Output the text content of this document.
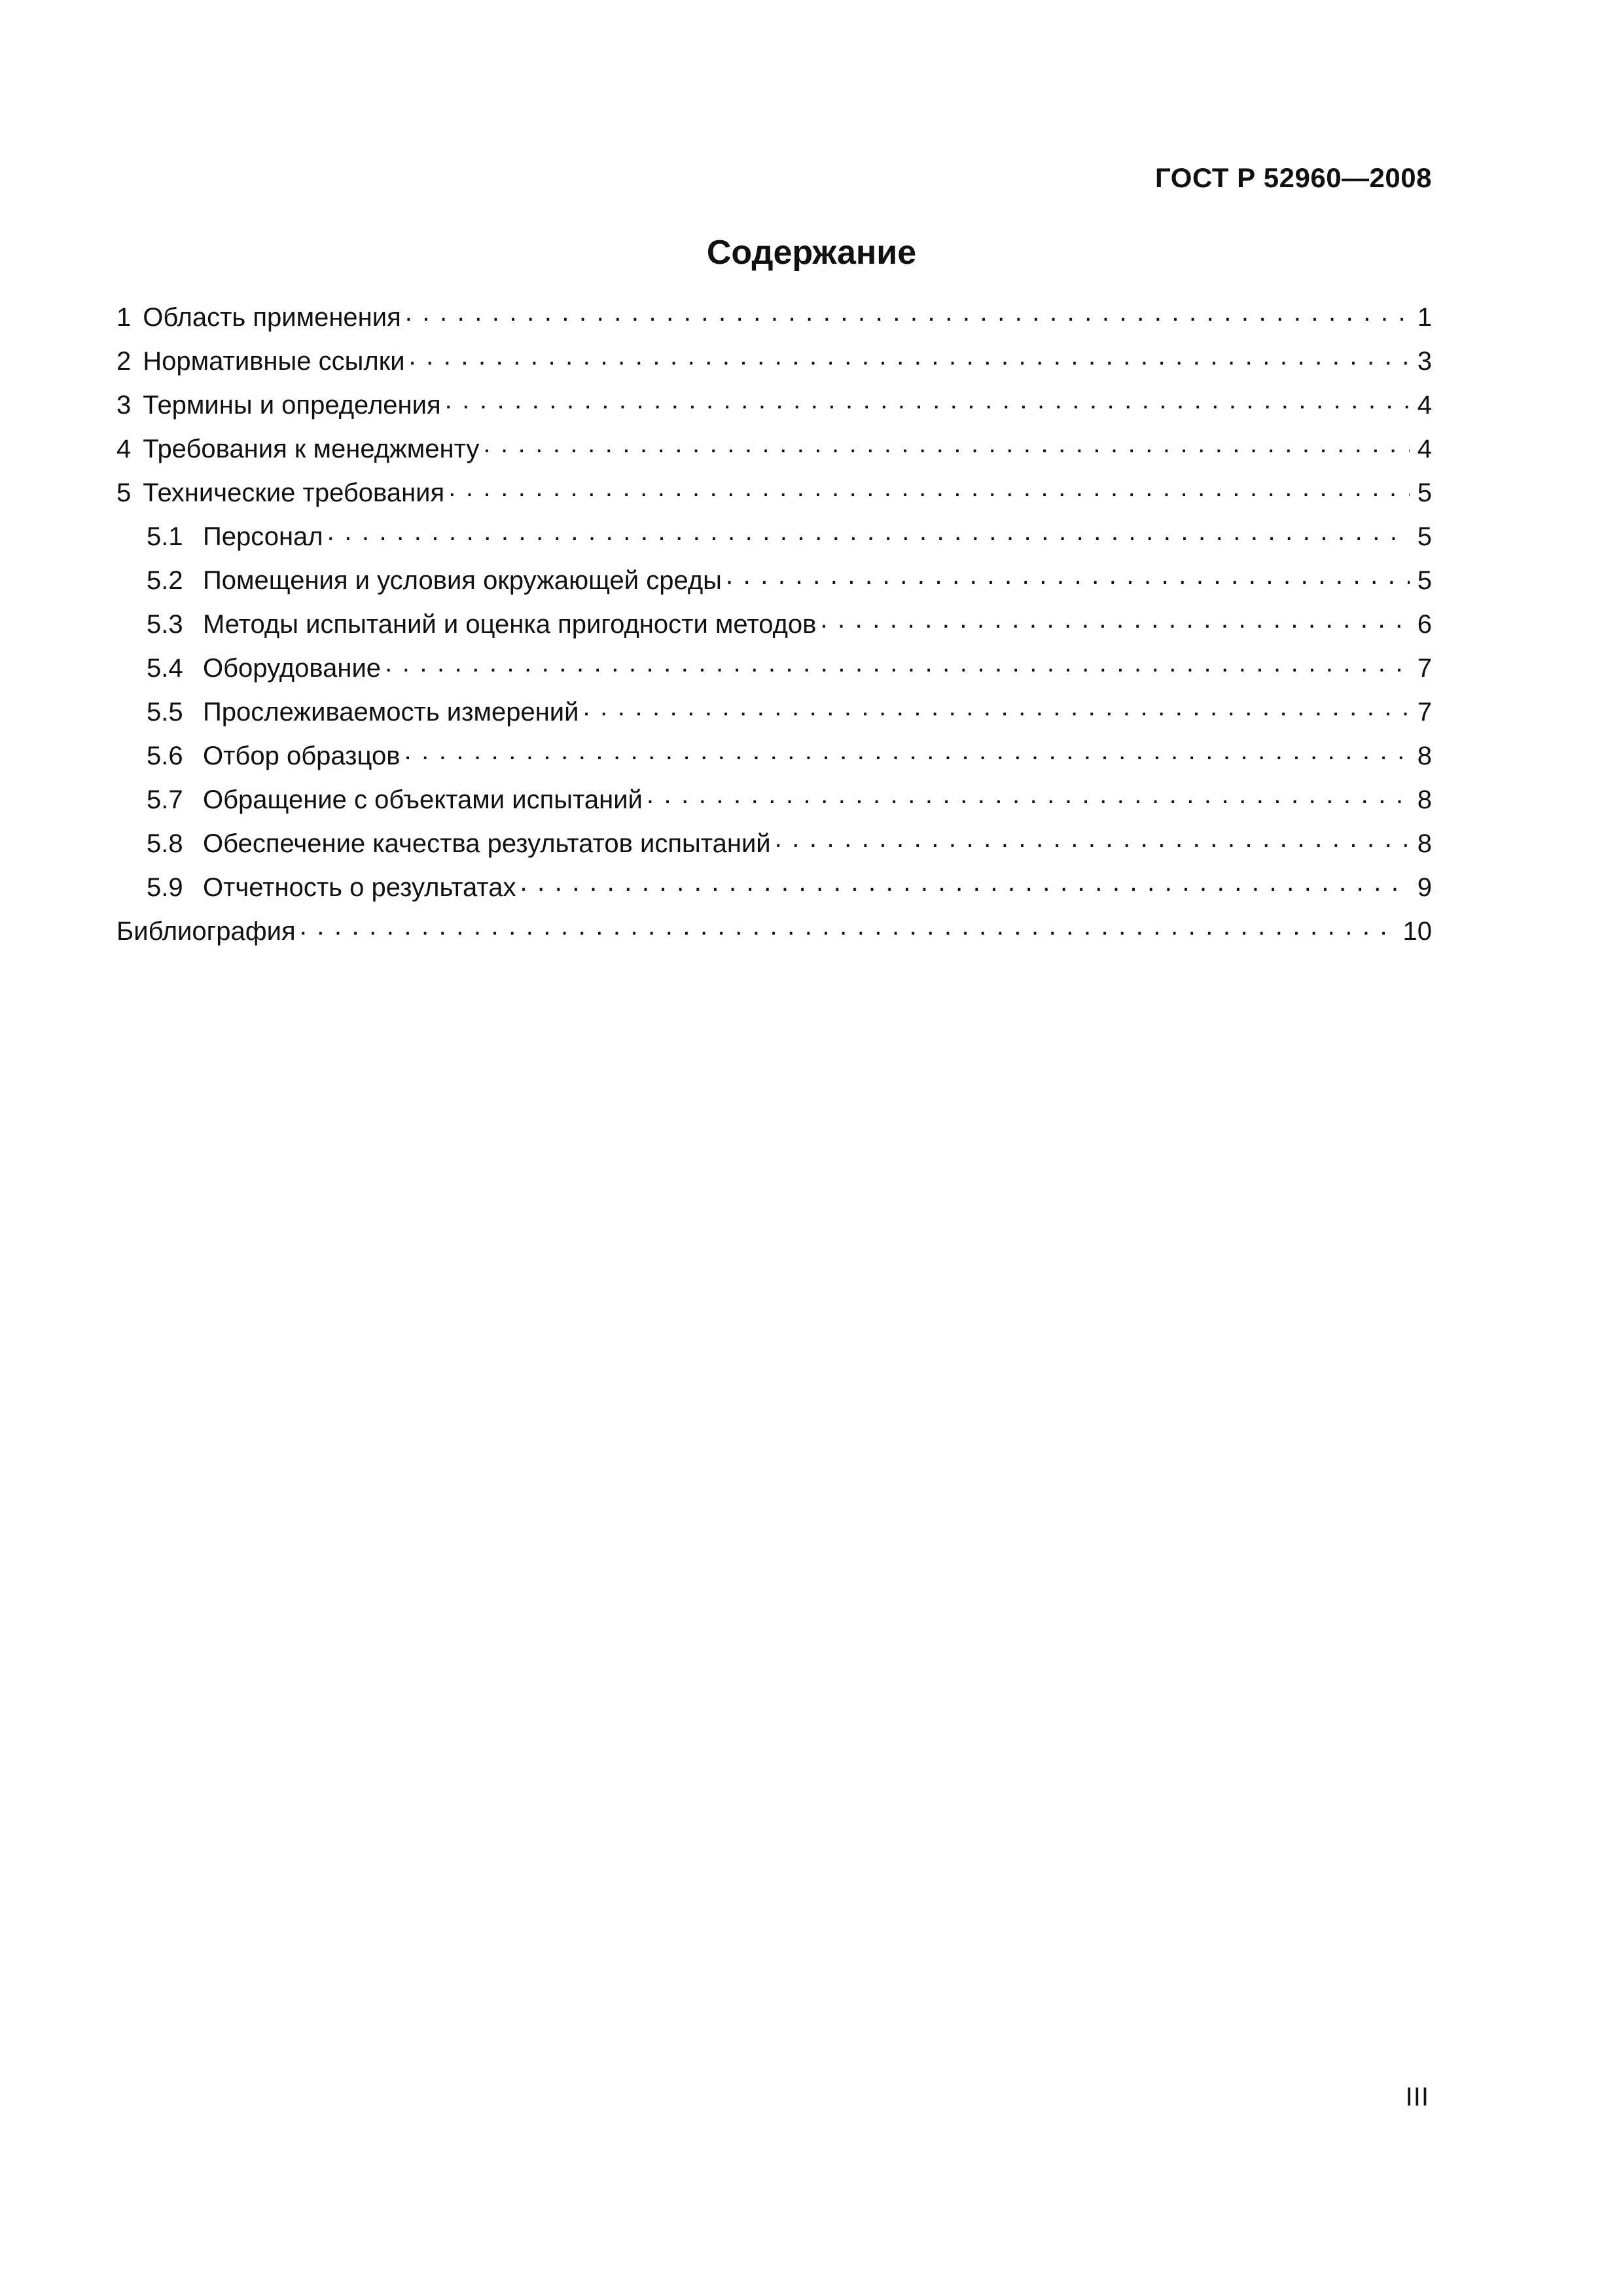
ГОСТ Р 52960—2008
Содержание
1 Область применения . . .	1
2 Нормативные ссылки . . .	3
3 Термины и определения . . .	4
4 Требования к менеджменту . . .	4
5 Технические требования . . .	5
5.1 Персонал . . .	5
5.2 Помещения и условия окружающей среды . . .	5
5.3 Методы испытаний и оценка пригодности методов . . .	6
5.4 Оборудование . . .	7
5.5 Прослеживаемость измерений . . .	7
5.6 Отбор образцов . . .	8
5.7 Обращение с объектами испытаний . . .	8
5.8 Обеспечение качества результатов испытаний . . .	8
5.9 Отчетность о результатах . . .	9
Библиография . . .	10
III
